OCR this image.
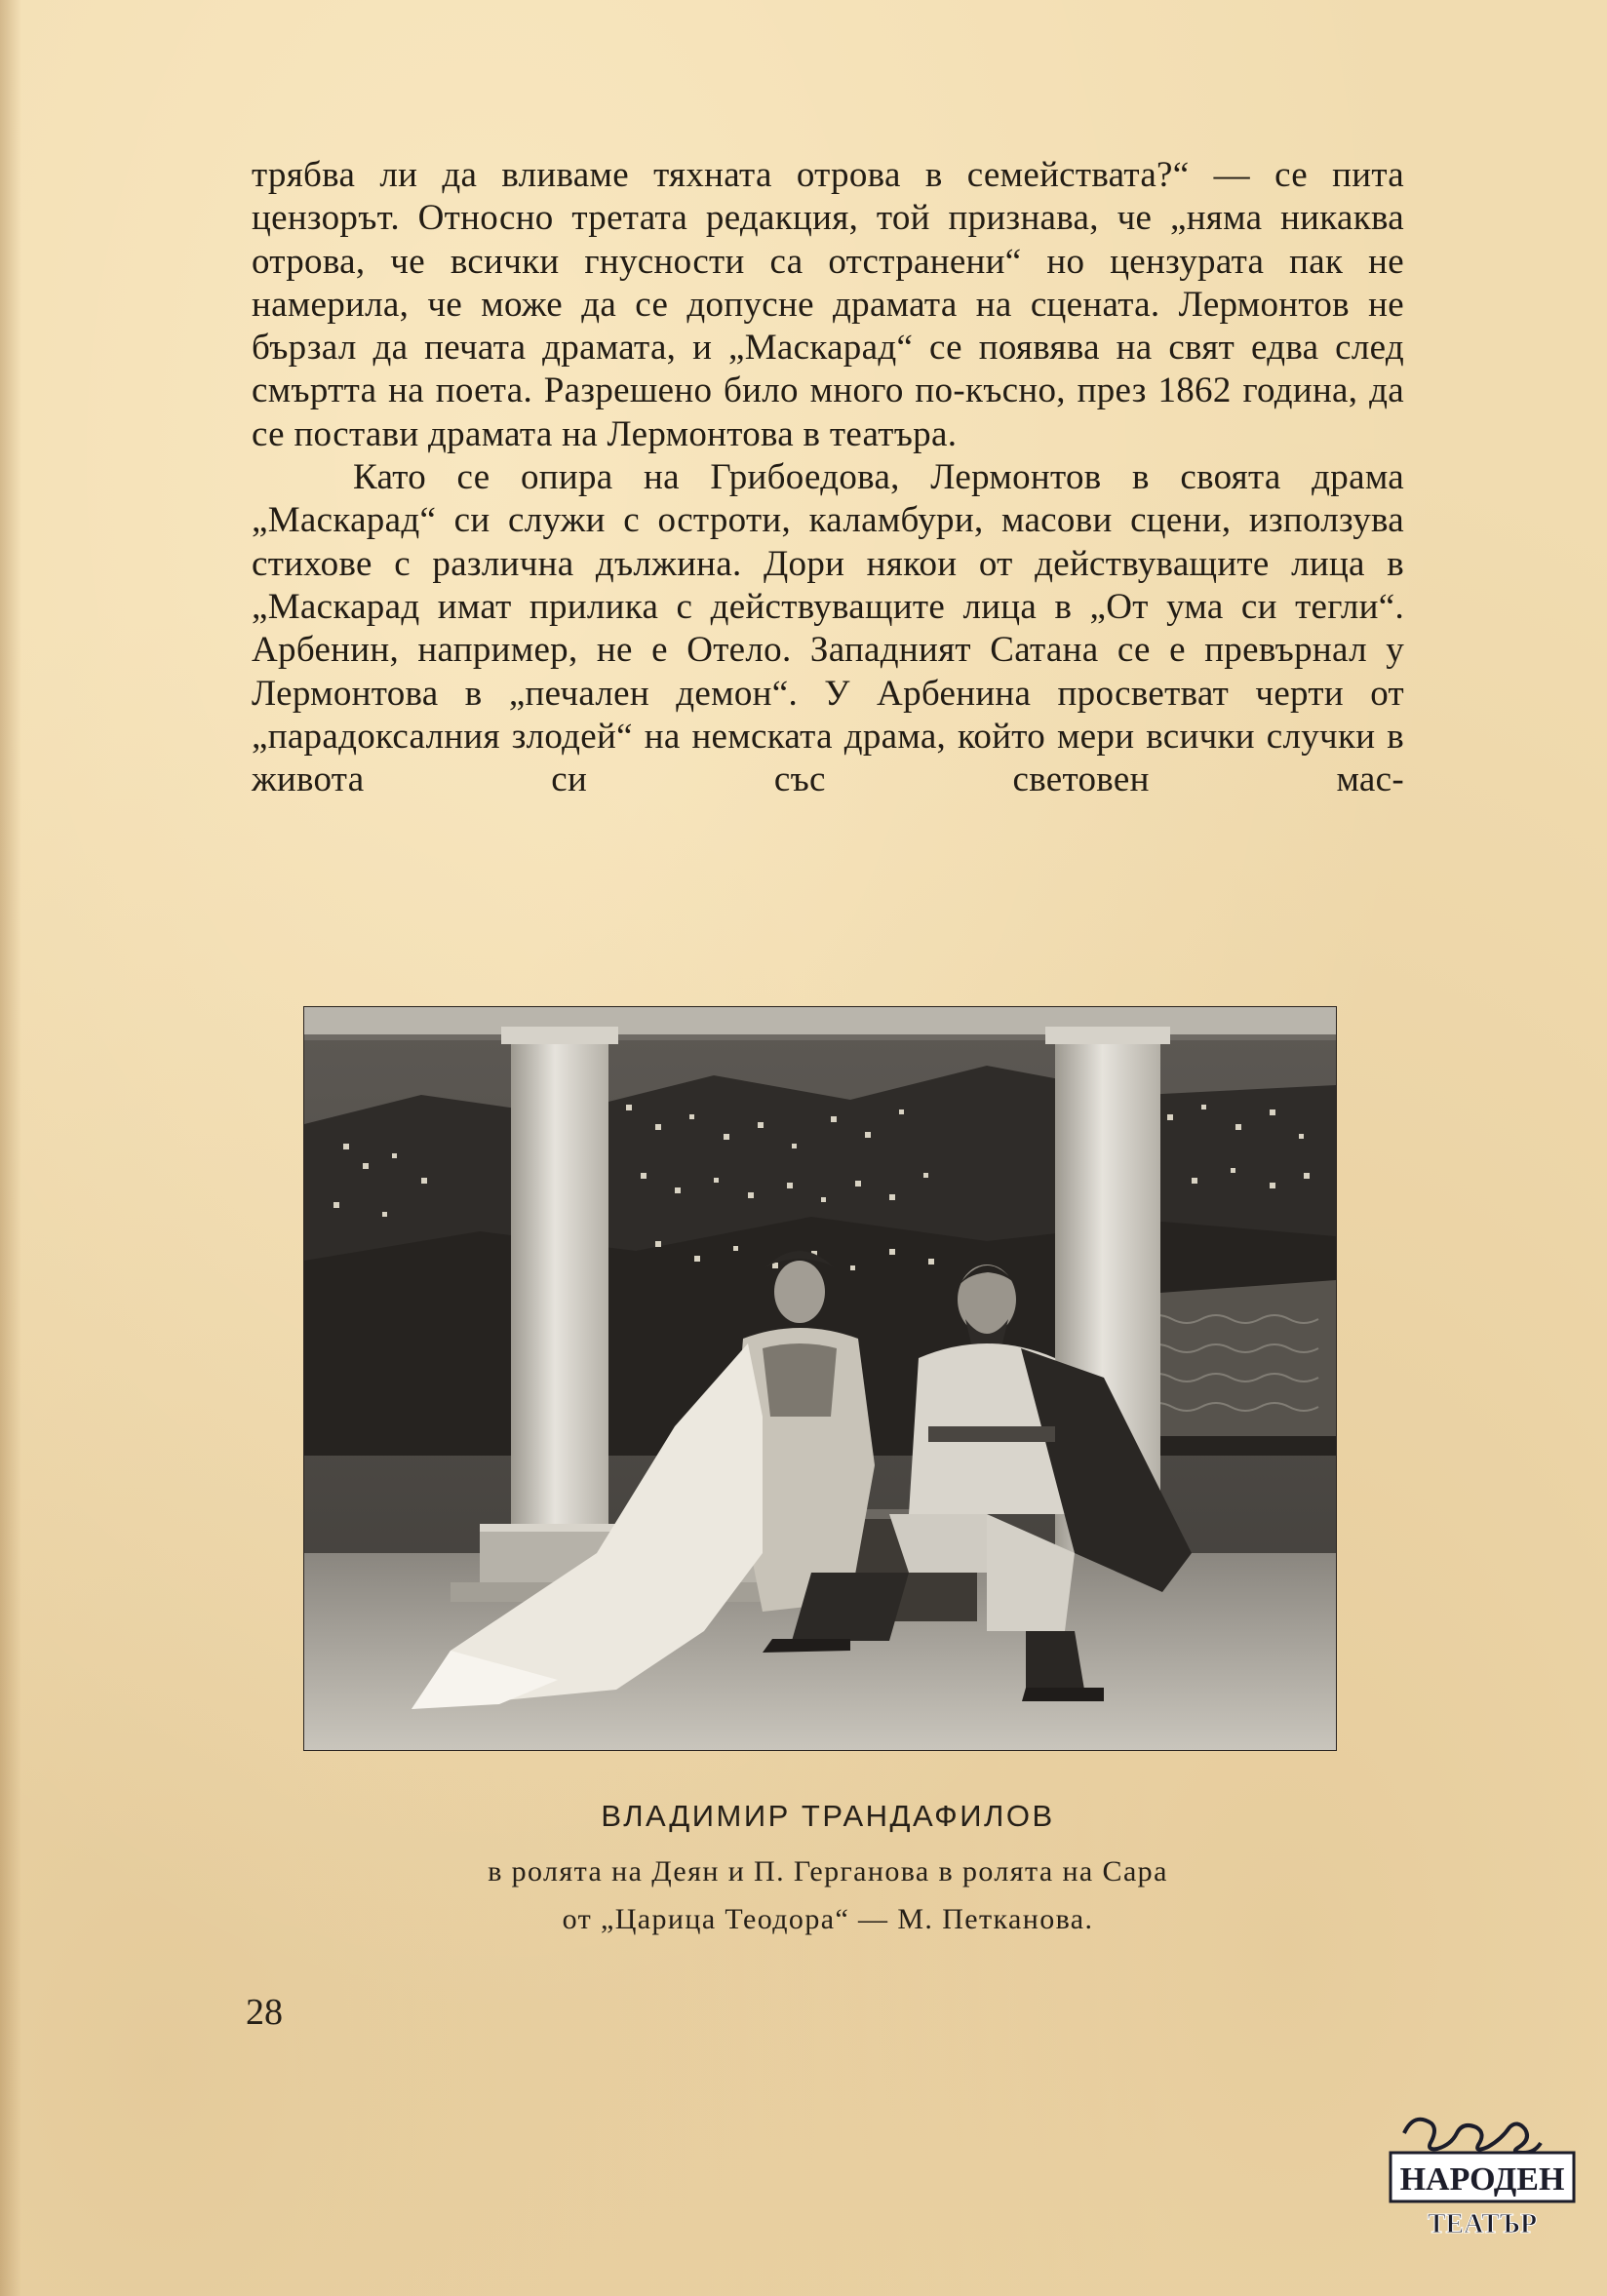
трябва ли да вливаме тяхната отрова в семействата?“ — се пита цензорът. Относно третата редакция, той признава, че „няма никаква отрова, че всички гнусности са отстранени“ но цензурата пак не намерила, че може да се допусне драмата на сцената. Лермонтов не бързал да печата драмата, и „Маскарад“ се появява на свят едва след смъртта на поета. Разрешено било много по-късно, през 1862 година, да се постави драмата на Лермонтова в театъра.

Като се опира на Грибоедова, Лермонтов в своята драма „Маскарад“ си служи с остроти, каламбури, масови сцени, използува стихове с различна дължина. Дори някои от действуващите лица в „Маскарад имат прилика с действуващите лица в „От ума си тегли“. Арбенин, например, не е Отело. Западният Сатана се е превърнал у Лермонтова в „печален демон“. У Арбенина просветват черти от „парадоксалния злодей“ на немската драма, който мери всички случки в живота си със световен мас-

ВЛАДИМИР ТРАНДАФИЛОВ
в ролята на Деян и П. Герганова в ролята на Сара
от „Царица Теодора“ — М. Петканова.
28
НАРОДЕН
ТЕАТЪР
